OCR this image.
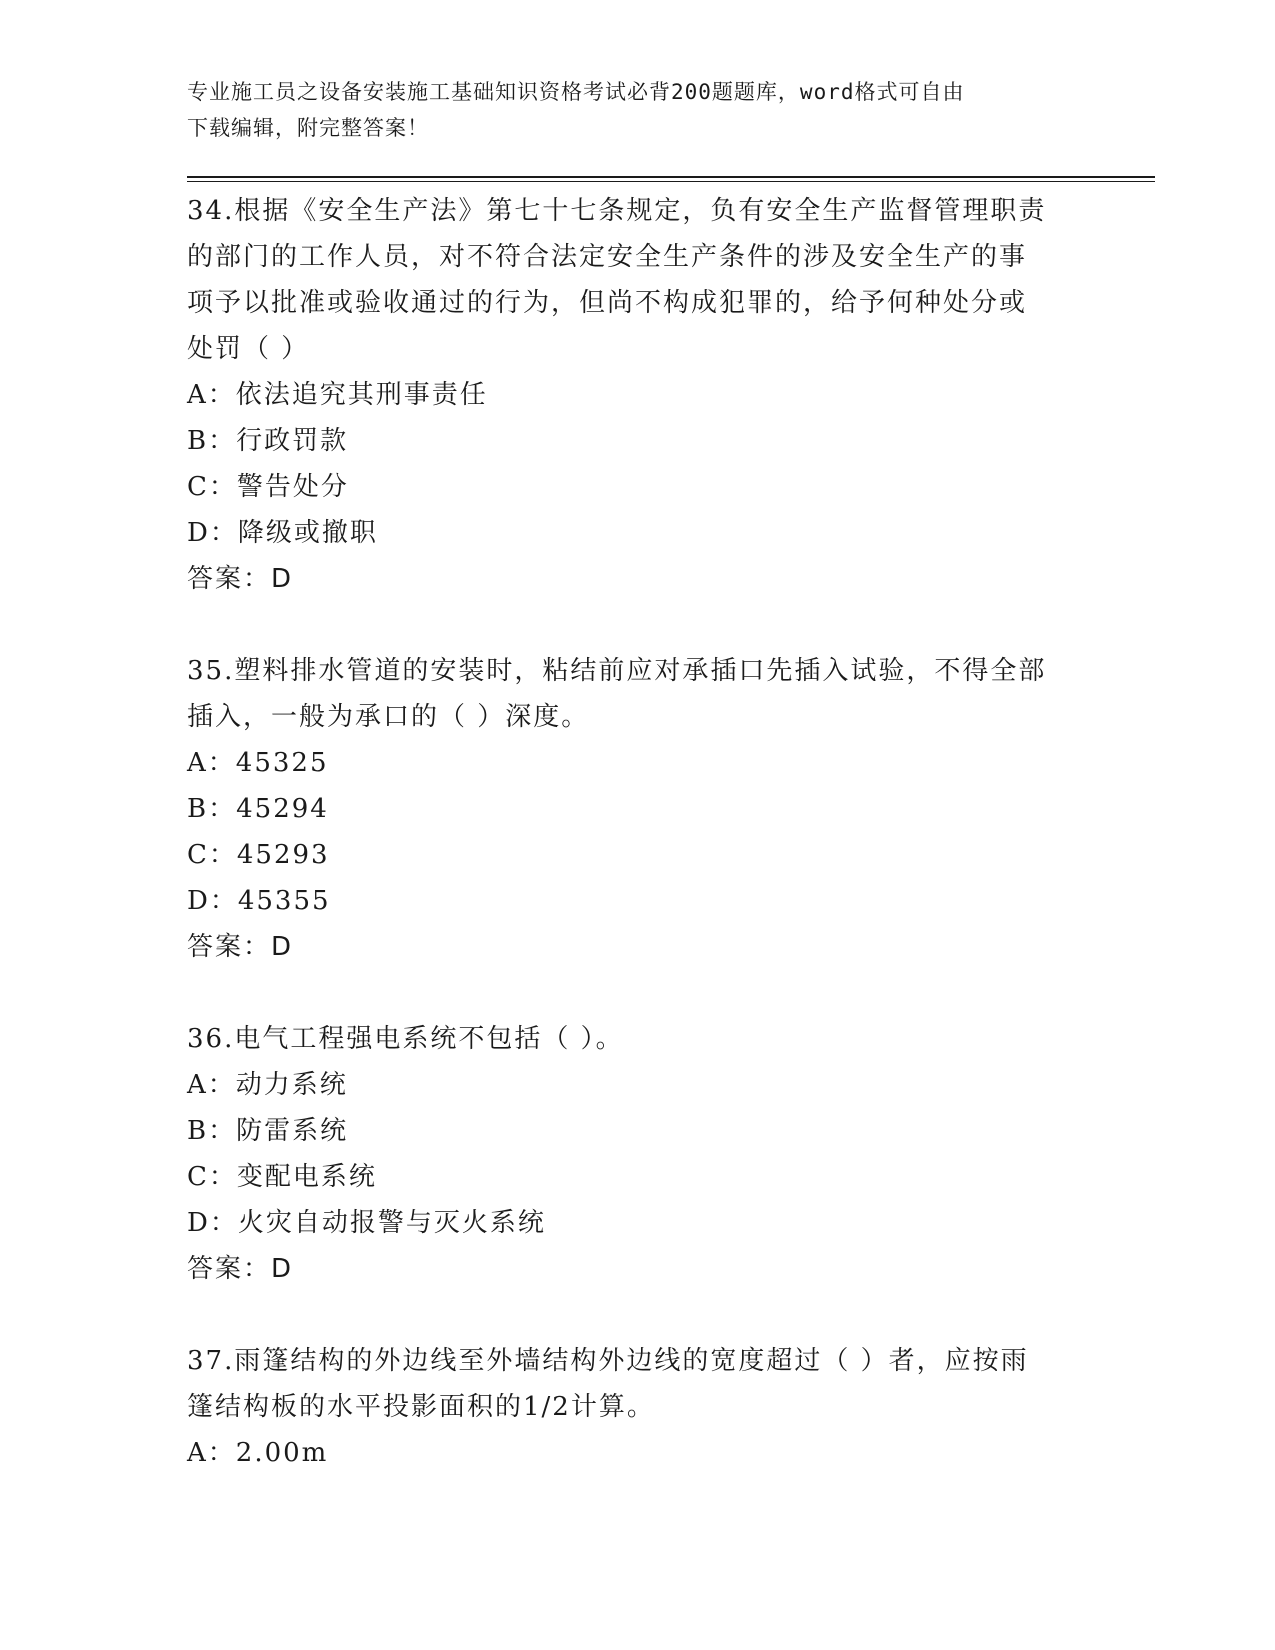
专业施工员之设备安装施工基础知识资格考试必背200题题库，word格式可自由
下载编辑，附完整答案！
34.根据《安全生产法》第七十七条规定，负有安全生产监督管理职责
的部门的工作人员，对不符合法定安全生产条件的涉及安全生产的事
项予以批准或验收通过的行为，但尚不构成犯罪的，给予何种处分或
处罚（ ）
A：依法追究其刑事责任
B：行政罚款
C：警告处分
D：降级或撤职
答案：D
35.塑料排水管道的安装时，粘结前应对承插口先插入试验，不得全部
插入，一般为承口的（ ）深度。
A：45325
B：45294
C：45293
D：45355
答案：D
36.电气工程强电系统不包括（ ）。
A：动力系统
B：防雷系统
C：变配电系统
D：火灾自动报警与灭火系统
答案：D
37.雨篷结构的外边线至外墙结构外边线的宽度超过（ ）者，应按雨
篷结构板的水平投影面积的1/2计算。
A：2.00m
